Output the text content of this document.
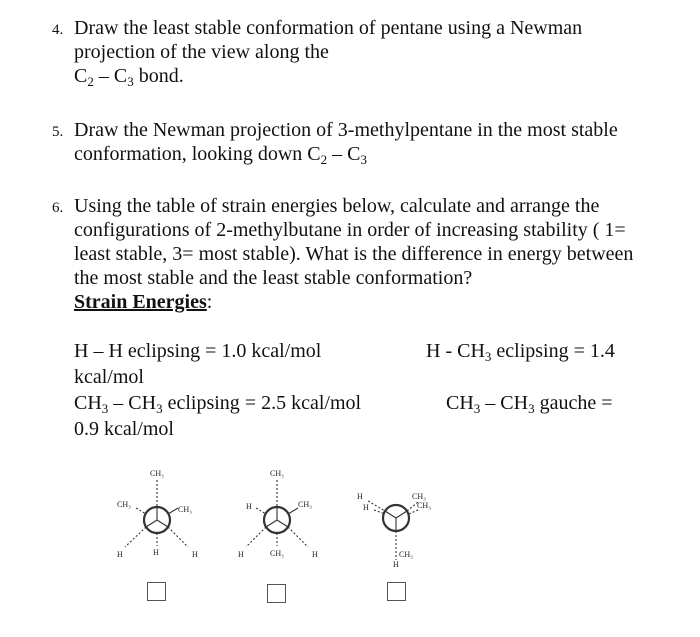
4. Draw the least stable conformation of pentane using a Newman
projection of the view along the
$C_2 - C_3$ bond.
5. Draw the Newman projection of 3-methylpentane in the most stable
conformation, looking down $C_2 - C_3$
6. Using the table of strain energies below, calculate and arrange the
configurations of 2-methylbutane in order of increasing stability ( 1=
least stable, 3= most stable). What is the difference in energy between
the most stable and the least stable conformation?
Strain Energies:
H – H eclipsing = 1.0 kcal/mol	H - $CH_3$ eclipsing = 1.4
kcal/mol
$CH_3 - CH_3$ eclipsing = 2.5 kcal/mol	$CH_3 - CH_3$ gauche =
0.9 kcal/mol
CH₃
CH₃
CH₃
H	H	H
CH₃
H	CH₃
H	CH₃	H
H
H
CH₃
CH₃
CH₃
H
